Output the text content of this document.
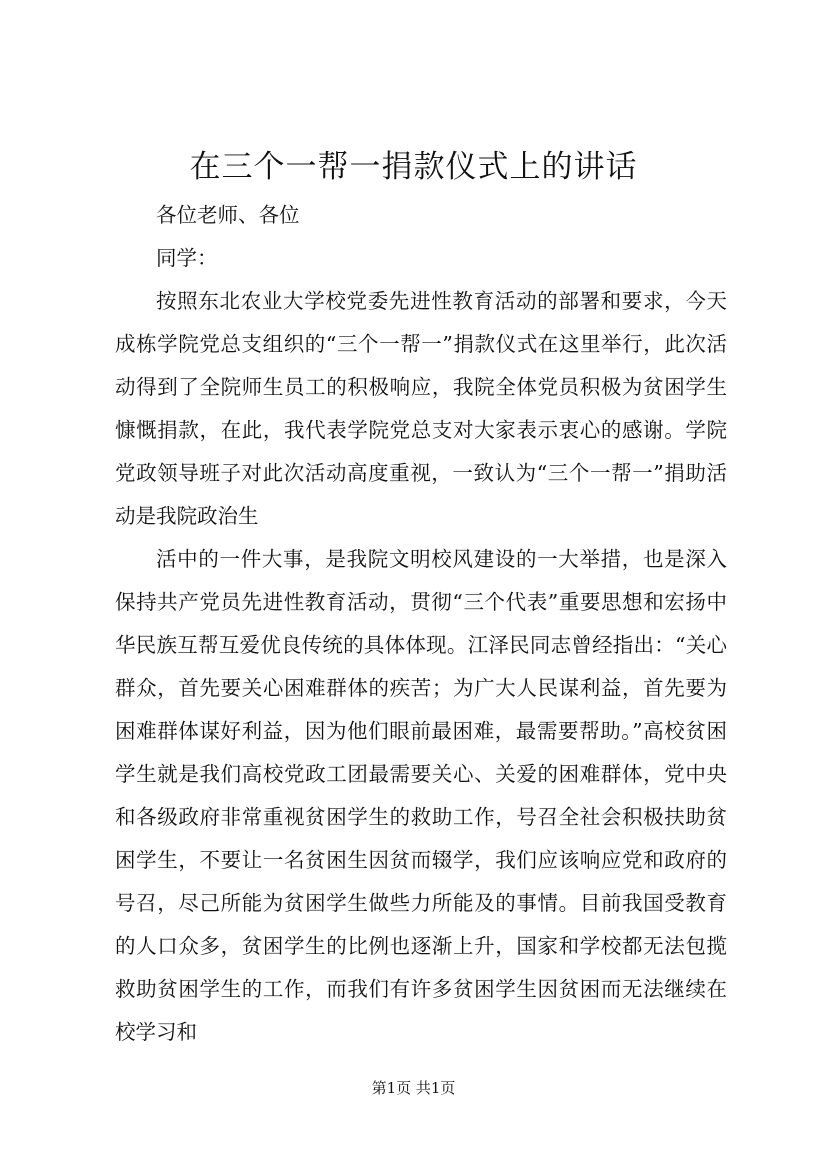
在三个一帮一捐款仪式上的讲话

各位老师、各位

同学：

按照东北农业大学校党委先进性教育活动的部署和要求，今天成栋学院党总支组织的“三个一帮一”捐款仪式在这里举行，此次活动得到了全院师生员工的积极响应，我院全体党员积极为贫困学生慷慨捐款，在此，我代表学院党总支对大家表示衷心的感谢。学院党政领导班子对此次活动高度重视，一致认为“三个一帮一”捐助活动是我院政治生

活中的一件大事，是我院文明校风建设的一大举措，也是深入保持共产党员先进性教育活动，贯彻“三个代表”重要思想和宏扬中华民族互帮互爱优良传统的具体体现。江泽民同志曾经指出：“关心群众，首先要关心困难群体的疾苦；为广大人民谋利益，首先要为困难群体谋好利益，因为他们眼前最困难，最需要帮助。”高校贫困学生就是我们高校党政工团最需要关心、关爱的困难群体，党中央和各级政府非常重视贫困学生的救助工作，号召全社会积极扶助贫困学生，不要让一名贫困生因贫而辍学，我们应该响应党和政府的号召，尽己所能为贫困学生做些力所能及的事情。目前我国受教育的人口众多，贫困学生的比例也逐渐上升，国家和学校都无法包揽救助贫困学生的工作，而我们有许多贫困学生因贫困而无法继续在校学习和

第1页 共1页
